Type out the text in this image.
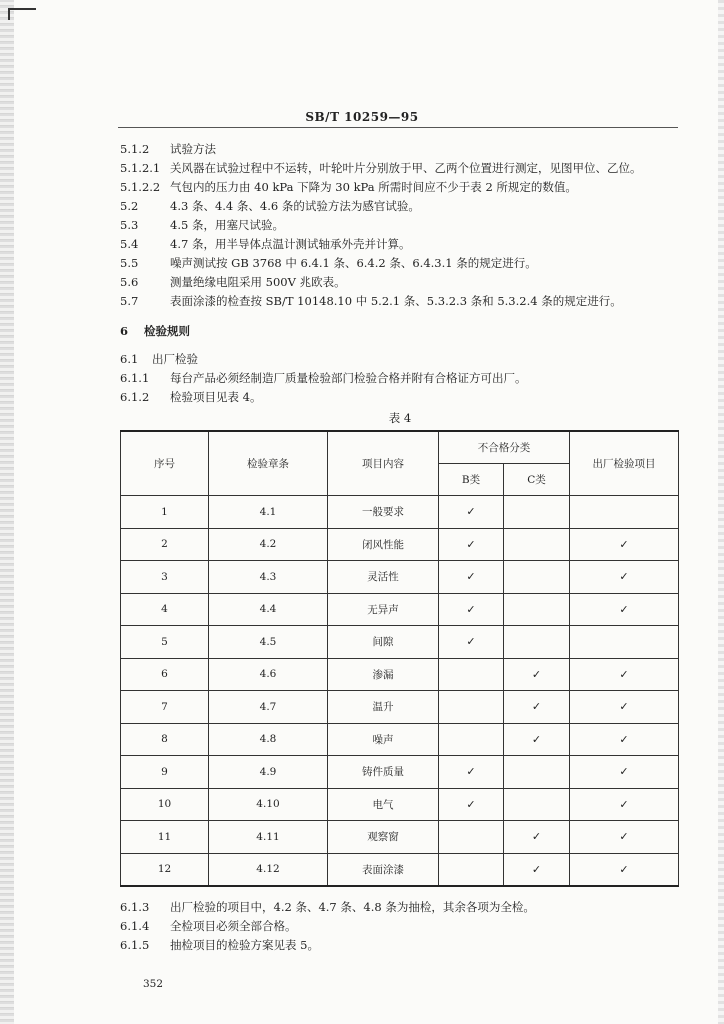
SB/T 10259—95
5.1.2 试验方法
5.1.2.1 关风器在试验过程中不运转，叶轮叶片分别放于甲、乙两个位置进行测定，见图甲位、乙位。
5.1.2.2 气包内的压力由 40 kPa 下降为 30 kPa 所需时间应不少于表 2 所规定的数值。
5.2	4.3 条、4.4 条、4.6 条的试验方法为感官试验。
5.3	4.5 条，用塞尺试验。
5.4	4.7 条，用半导体点温计测试轴承外壳并计算。
5.5	噪声测试按 GB 3768 中 6.4.1 条、6.4.2 条、6.4.3.1 条的规定进行。
5.6	测量绝缘电阻采用 500V 兆欧表。
5.7	表面涂漆的检查按 SB/T 10148.10 中 5.2.1 条、5.3.2.3 条和 5.3.2.4 条的规定进行。
6 检验规则
6.1 出厂检验
6.1.1 每台产品必须经制造厂质量检验部门检验合格并附有合格证方可出厂。
6.1.2 检验项目见表 4。
表 4
序号	检验章条	项目内容	不合格分类		出厂检验项目
			B类	C类	
1	4.1	一般要求	✓		
2	4.2	闭风性能	✓		✓
3	4.3	灵活性	✓		✓
4	4.4	无异声	✓		✓
5	4.5	间隙	✓		
6	4.6	渗漏		✓	✓
7	4.7	温升		✓	✓
8	4.8	噪声		✓	✓
9	4.9	铸件质量	✓		✓
10	4.10	电气	✓		✓
11	4.11	观察窗		✓	✓
12	4.12	表面涂漆		✓	✓
6.1.3 出厂检验的项目中，4.2 条、4.7 条、4.8 条为抽检，其余各项为全检。
6.1.4 全检项目必须全部合格。
6.1.5 抽检项目的检验方案见表 5。
352
